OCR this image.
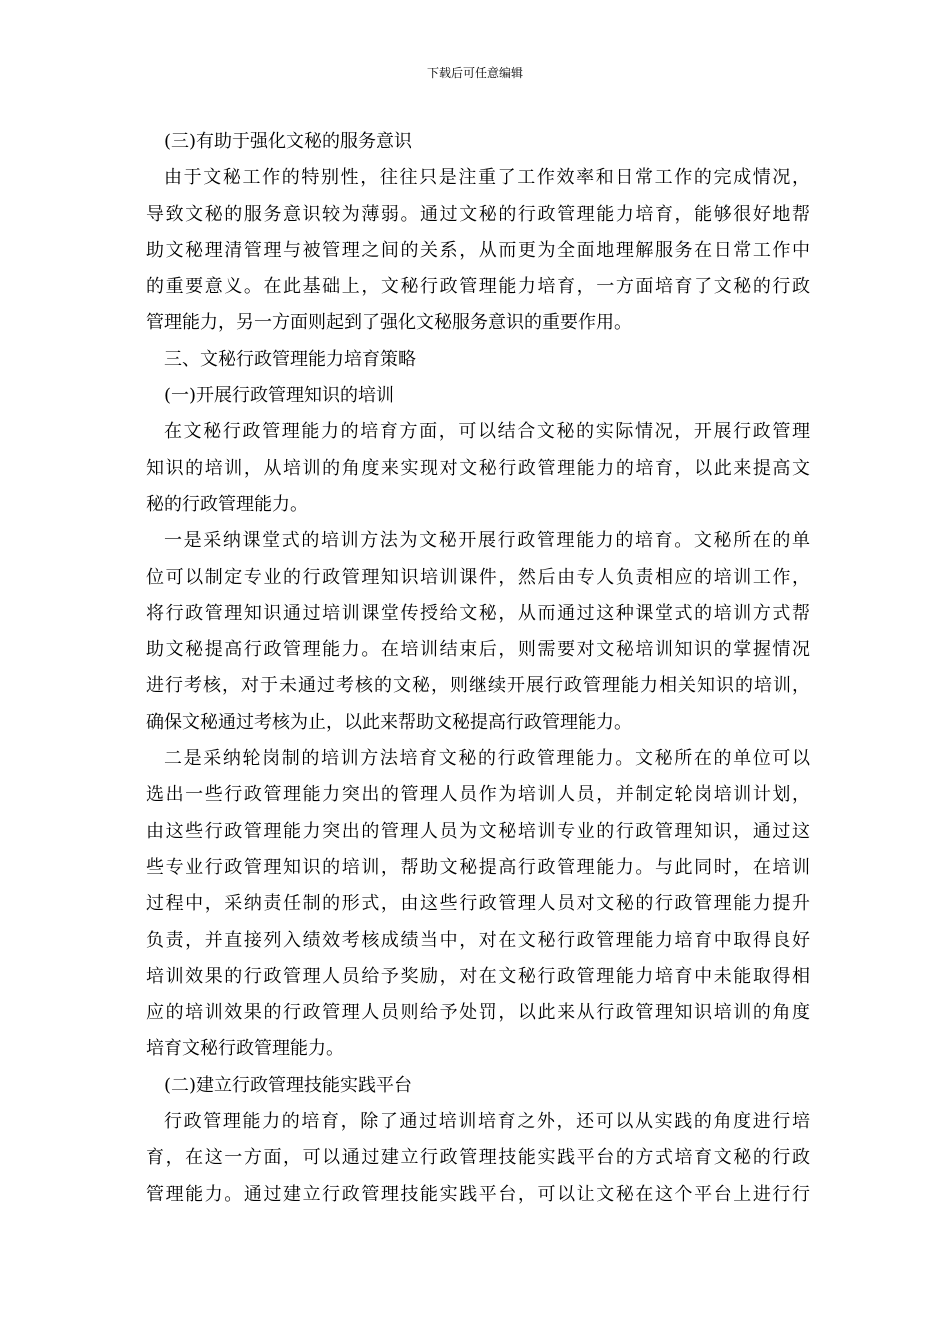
下载后可任意编辑
(三)有助于强化文秘的服务意识
由于文秘工作的特别性，往往只是注重了工作效率和日常工作的完成情况，
导致文秘的服务意识较为薄弱。通过文秘的行政管理能力培育，能够很好地帮
助文秘理清管理与被管理之间的关系，从而更为全面地理解服务在日常工作中
的重要意义。在此基础上，文秘行政管理能力培育，一方面培育了文秘的行政
管理能力，另一方面则起到了强化文秘服务意识的重要作用。
三、文秘行政管理能力培育策略
(一)开展行政管理知识的培训
在文秘行政管理能力的培育方面，可以结合文秘的实际情况，开展行政管理
知识的培训，从培训的角度来实现对文秘行政管理能力的培育，以此来提高文
秘的行政管理能力。
一是采纳课堂式的培训方法为文秘开展行政管理能力的培育。文秘所在的单
位可以制定专业的行政管理知识培训课件，然后由专人负责相应的培训工作，
将行政管理知识通过培训课堂传授给文秘，从而通过这种课堂式的培训方式帮
助文秘提高行政管理能力。在培训结束后，则需要对文秘培训知识的掌握情况
进行考核，对于未通过考核的文秘，则继续开展行政管理能力相关知识的培训，
确保文秘通过考核为止，以此来帮助文秘提高行政管理能力。
二是采纳轮岗制的培训方法培育文秘的行政管理能力。文秘所在的单位可以
选出一些行政管理能力突出的管理人员作为培训人员，并制定轮岗培训计划，
由这些行政管理能力突出的管理人员为文秘培训专业的行政管理知识，通过这
些专业行政管理知识的培训，帮助文秘提高行政管理能力。与此同时，在培训
过程中，采纳责任制的形式，由这些行政管理人员对文秘的行政管理能力提升
负责，并直接列入绩效考核成绩当中，对在文秘行政管理能力培育中取得良好
培训效果的行政管理人员给予奖励，对在文秘行政管理能力培育中未能取得相
应的培训效果的行政管理人员则给予处罚，以此来从行政管理知识培训的角度
培育文秘行政管理能力。
(二)建立行政管理技能实践平台
行政管理能力的培育，除了通过培训培育之外，还可以从实践的角度进行培
育，在这一方面，可以通过建立行政管理技能实践平台的方式培育文秘的行政
管理能力。通过建立行政管理技能实践平台，可以让文秘在这个平台上进行行
